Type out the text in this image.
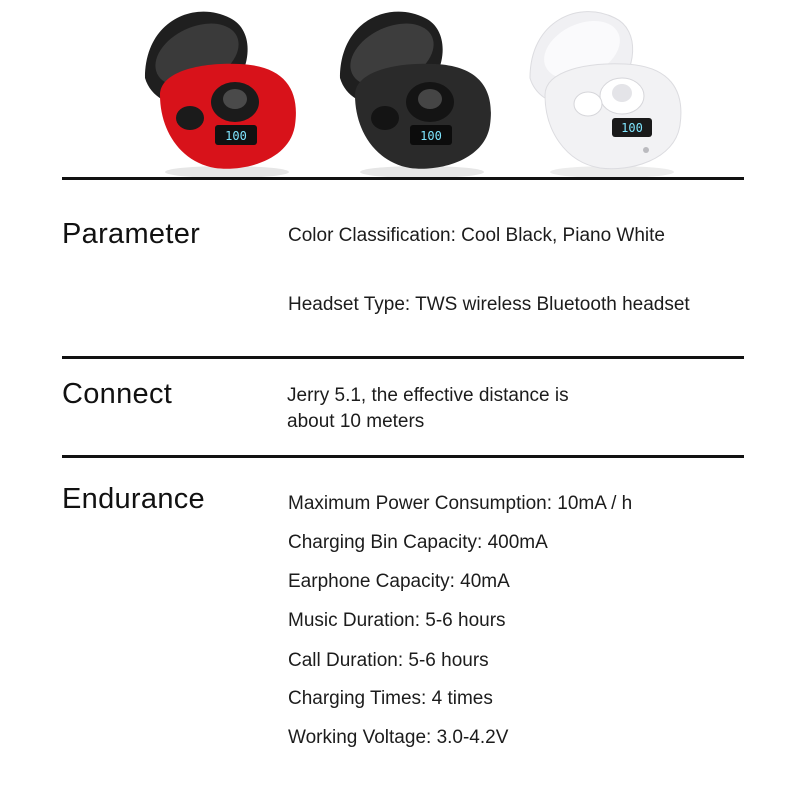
100	100
100
Parameter	Color Classification: Cool Black, Piano White
Headset Type: TWS wireless Bluetooth headset
Connect	Jerry 5.1, the effective distance is
about 10 meters
Endurance	Maximum Power Consumption: 10mA / h
Charging Bin Capacity: 400mA
Earphone Capacity: 40mA
Music Duration: 5-6 hours
Call Duration: 5-6 hours
Charging Times: 4 times
Working Voltage: 3.0-4.2V
